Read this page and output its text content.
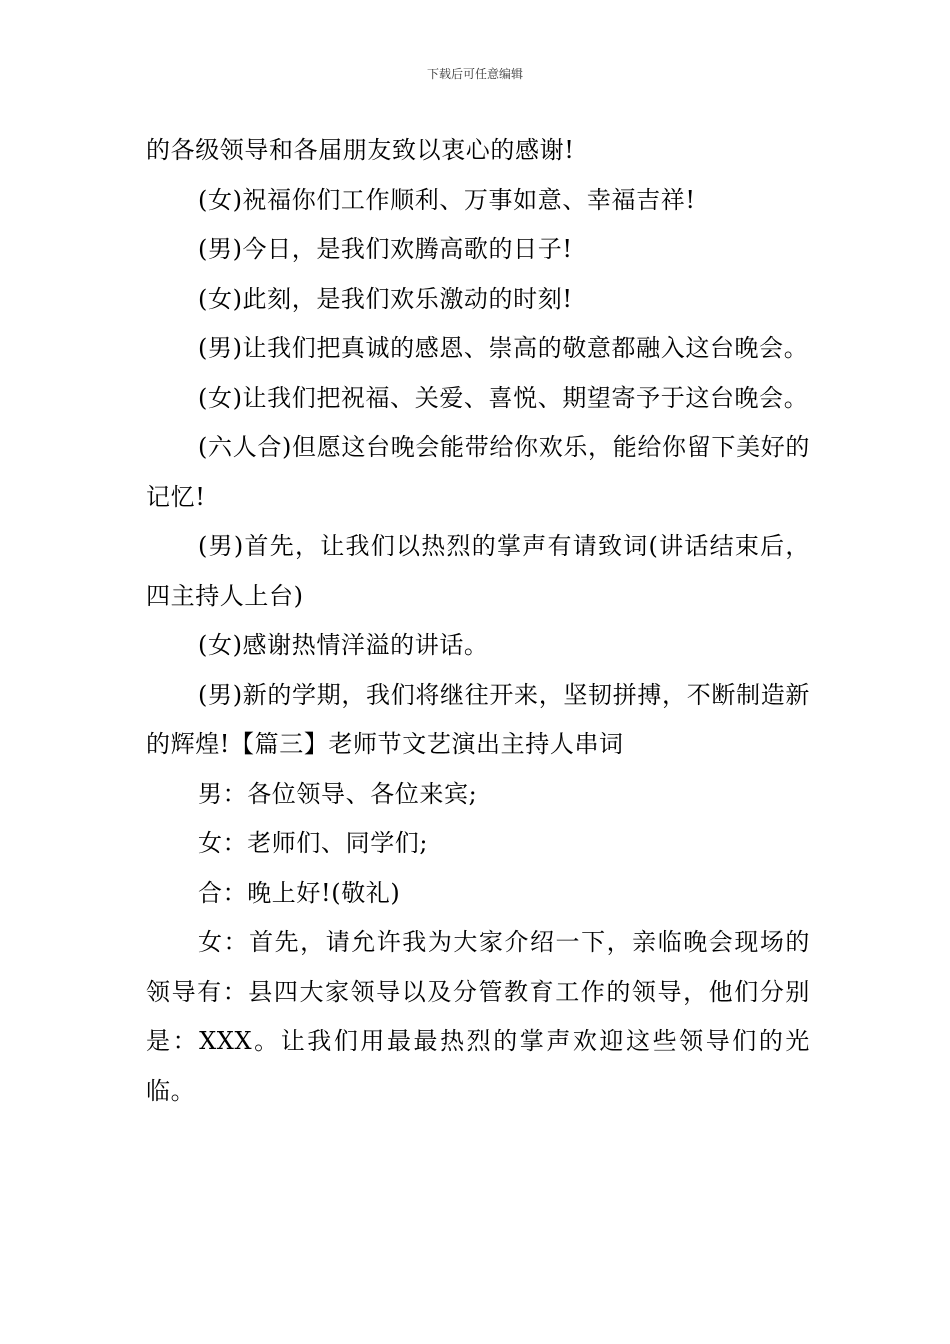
下载后可任意编辑

的各级领导和各届朋友致以衷心的感谢!

(女)祝福你们工作顺利、万事如意、幸福吉祥!

(男)今日，是我们欢腾高歌的日子!

(女)此刻，是我们欢乐激动的时刻!

(男)让我们把真诚的感恩、崇高的敬意都融入这台晚会。

(女)让我们把祝福、关爱、喜悦、期望寄予于这台晚会。

(六人合)但愿这台晚会能带给你欢乐，能给你留下美好的记忆!

(男)首先，让我们以热烈的掌声有请致词(讲话结束后，四主持人上台)

(女)感谢热情洋溢的讲话。

(男)新的学期，我们将继往开来，坚韧拼搏，不断制造新的辉煌!【篇三】老师节文艺演出主持人串词

男：各位领导、各位来宾;

女：老师们、同学们;

合：晚上好!(敬礼)

女：首先，请允许我为大家介绍一下，亲临晚会现场的领导有：县四大家领导以及分管教育工作的领导，他们分别是：XXX。让我们用最最热烈的掌声欢迎这些领导们的光临。
